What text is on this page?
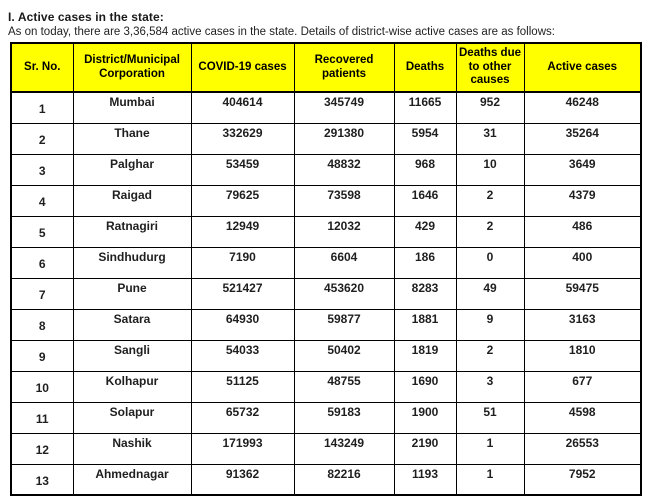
I. Active cases in the state:
As on today, there are 3,36,584 active cases in the state. Details of district-wise active cases are as follows:
Sr. No.	District/Municipal Corporation	COVID-19 cases	Recovered patients	Deaths	Deaths due to other causes	Active cases
1	Mumbai	404614	345749	11665	952	46248
2	Thane	332629	291380	5954	31	35264
3	Palghar	53459	48832	968	10	3649
4	Raigad	79625	73598	1646	2	4379
5	Ratnagiri	12949	12032	429	2	486
6	Sindhudurg	7190	6604	186	0	400
7	Pune	521427	453620	8283	49	59475
8	Satara	64930	59877	1881	9	3163
9	Sangli	54033	50402	1819	2	1810
10	Kolhapur	51125	48755	1690	3	677
11	Solapur	65732	59183	1900	51	4598
12	Nashik	171993	143249	2190	1	26553
13	Ahmednagar	91362	82216	1193	1	7952
